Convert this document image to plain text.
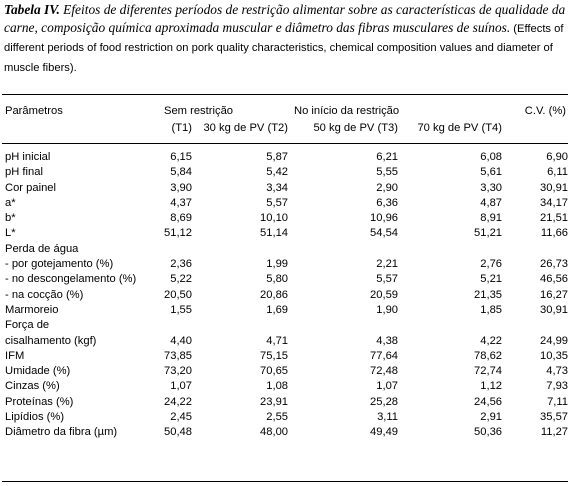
Tabela IV. Efeitos de diferentes períodos de restrição alimentar sobre as características de qualidade da carne, composição química aproximada muscular e diâmetro das fibras musculares de suínos. (Effects of different periods of food restriction on pork quality characteristics, chemical composition values and diameter of muscle fibers).
Parâmetros	Sem restrição		No início da restrição		C.V. (%)
	(T1)	30 kg de PV (T2)	50 kg de PV (T3)	70 kg de PV (T4)	
pH inicial	6,15	5,87	6,21	6,08	6,90
pH final	5,84	5,42	5,55	5,61	6,11
Cor painel	3,90	3,34	2,90	3,30	30,91
a*	4,37	5,57	6,36	4,87	34,17
b*	8,69	10,10	10,96	8,91	21,51
L*	51,12	51,14	54,54	51,21	11,66
Perda de água					
- por gotejamento (%)	2,36	1,99	2,21	2,76	26,73
- no descongelamento (%)	5,22	5,80	5,57	5,21	46,56
- na cocção (%)	20,50	20,86	20,59	21,35	16,27
Marmoreio	1,55	1,69	1,90	1,85	30,91
Força de					
cisalhamento (kgf)	4,40	4,71	4,38	4,22	24,99
IFM	73,85	75,15	77,64	78,62	10,35
Umidade (%)	73,20	70,65	72,48	72,74	4,73
Cinzas (%)	1,07	1,08	1,07	1,12	7,93
Proteínas (%)	24,22	23,91	25,28	24,56	7,11
Lipídios (%)	2,45	2,55	3,11	2,91	35,57
Diâmetro da fibra (µm)	50,48	48,00	49,49	50,36	11,27
